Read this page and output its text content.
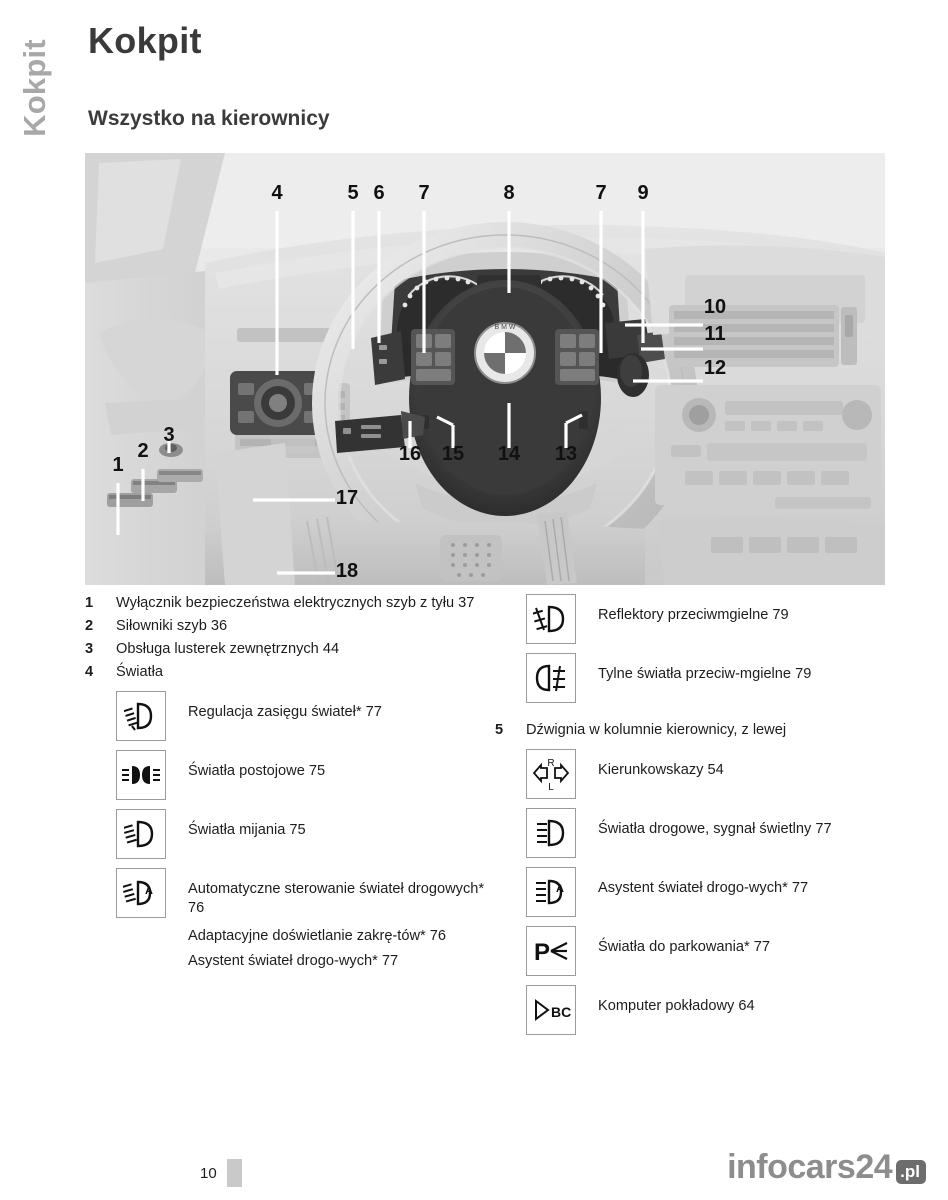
Kokpit Kokpit
Wszystko na kierownicy
B M W
1
2
3
4	5 6 7	8	7 9
10
11
12
13
14
15
16
17
18
1	Wyłącznik bezpieczeństwa elektrycznych szyb z tyłu 37
2	Siłowniki szyb 36
3	Obsługa lusterek zewnętrznych 44
4	Światła
Regulacja zasięgu świateł* 77
Światła postojowe 75
Światła mijania 75
A Automatyczne sterowanie świateł drogowych* 76
Adaptacyjne doświetlanie zakrę-tów* 76
Asystent świateł drogo-wych* 77
Reflektory przeciwmgielne 79
Tylne światła przeciw-mgielne 79
5	Dźwignia w kolumnie kierownicy, z lewej
R
L
Kierunkowskazy 54
Światła drogowe, sygnał świetlny 77
A Asystent świateł drogo-wych* 77
P	Światła do parkowania* 77
BC Komputer pokładowy 64
10	infocars24 .pl
